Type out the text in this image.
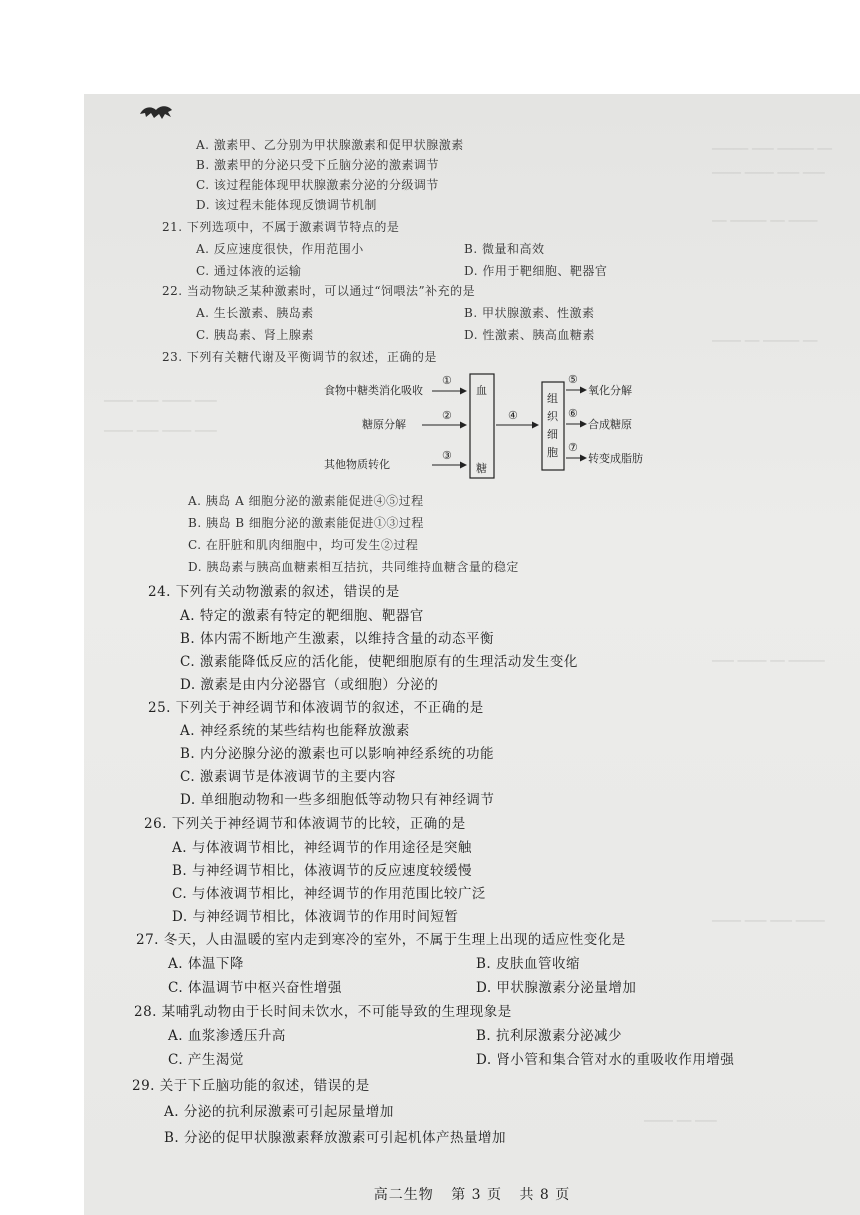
───── ─── ───── ──
──── ──── ─── ───
── ───── ── ────
──── ── ───── ──
──── ─── ──── ───
──── ─── ──── ───
─── ──── ── ─────
──── ─── ─── ────
──── ── ───
A. 激素甲、乙分别为甲状腺激素和促甲状腺激素
B. 激素甲的分泌只受下丘脑分泌的激素调节
C. 该过程能体现甲状腺激素分泌的分级调节
D. 该过程未能体现反馈调节机制
21. 下列选项中，不属于激素调节特点的是
A. 反应速度很快，作用范围小	B. 微量和高效
C. 通过体液的运输	D. 作用于靶细胞、靶器官
22. 当动物缺乏某种激素时，可以通过“饲喂法”补充的是
A. 生长激素、胰岛素	B. 甲状腺激素、性激素
C. 胰岛素、肾上腺素	D. 性激素、胰高血糖素
23. 下列有关糖代谢及平衡调节的叙述，正确的是
食物中糖类消化吸收
糖原分解
其他物质转化
①
②
③
血
糖
④
组
织
细
胞
⑤
⑥
⑦
氧化分解
合成糖原
转变成脂肪
A. 胰岛 A 细胞分泌的激素能促进④⑤过程
B. 胰岛 B 细胞分泌的激素能促进①③过程
C. 在肝脏和肌肉细胞中，均可发生②过程
D. 胰岛素与胰高血糖素相互拮抗，共同维持血糖含量的稳定
24. 下列有关动物激素的叙述，错误的是
A. 特定的激素有特定的靶细胞、靶器官
B. 体内需不断地产生激素，以维持含量的动态平衡
C. 激素能降低反应的活化能，使靶细胞原有的生理活动发生变化
D. 激素是由内分泌器官（或细胞）分泌的
25. 下列关于神经调节和体液调节的叙述，不正确的是
A. 神经系统的某些结构也能释放激素
B. 内分泌腺分泌的激素也可以影响神经系统的功能
C. 激素调节是体液调节的主要内容
D. 单细胞动物和一些多细胞低等动物只有神经调节
26. 下列关于神经调节和体液调节的比较，正确的是
A. 与体液调节相比，神经调节的作用途径是突触
B. 与神经调节相比，体液调节的反应速度较缓慢
C. 与体液调节相比，神经调节的作用范围比较广泛
D. 与神经调节相比，体液调节的作用时间短暂
27. 冬天，人由温暖的室内走到寒冷的室外，不属于生理上出现的适应性变化是
A. 体温下降	B. 皮肤血管收缩
C. 体温调节中枢兴奋性增强	D. 甲状腺激素分泌量增加
28. 某哺乳动物由于长时间未饮水，不可能导致的生理现象是
A. 血浆渗透压升高	B. 抗利尿激素分泌减少
C. 产生渴觉	D. 肾小管和集合管对水的重吸收作用增强
29. 关于下丘脑功能的叙述，错误的是
A. 分泌的抗利尿激素可引起尿量增加
B. 分泌的促甲状腺激素释放激素可引起机体产热量增加
高二生物 第 3 页 共 8 页
